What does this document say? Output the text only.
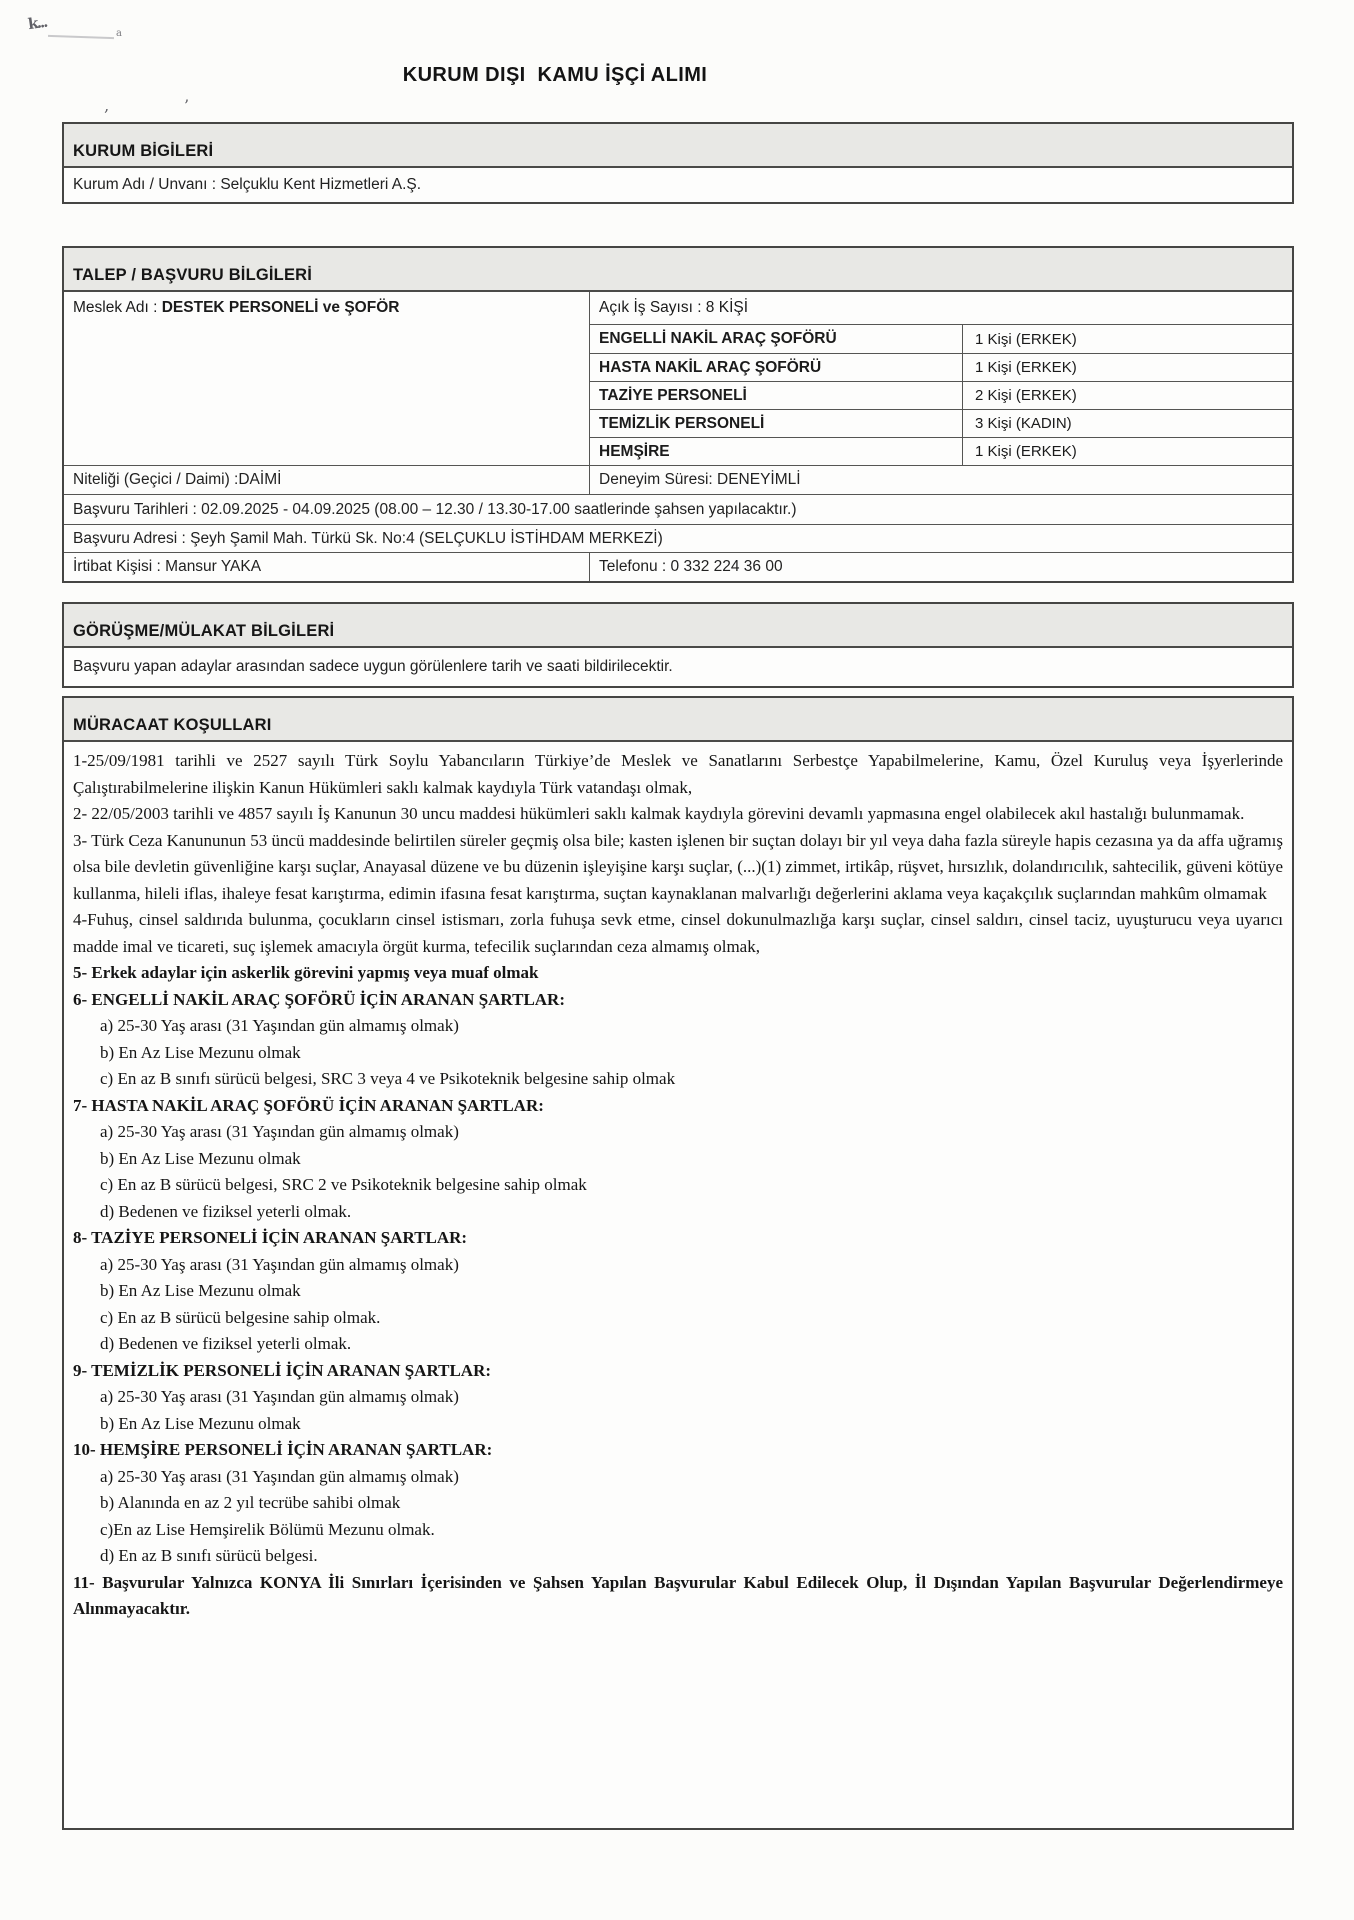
k...
a
‚	’
KURUM DIŞI  KAMU İŞÇİ ALIMI
KURUM BİGİLERİ
Kurum Adı / Unvanı : Selçuklu Kent Hizmetleri A.Ş.
TALEP / BAŞVURU BİLGİLERİ
Meslek Adı : DESTEK PERSONELİ ve ŞOFÖR	Açık İş Sayısı : 8 KİŞİ
ENGELLİ NAKİL ARAÇ ŞOFÖRÜ	1 Kişi (ERKEK)
HASTA NAKİL ARAÇ ŞOFÖRÜ	1 Kişi (ERKEK)
TAZİYE PERSONELİ	2 Kişi (ERKEK)
TEMİZLİK PERSONELİ	3 Kişi (KADIN)
HEMŞİRE	1 Kişi (ERKEK)
Niteliği (Geçici / Daimi) :DAİMİ	Deneyim Süresi: DENEYİMLİ
Başvuru Tarihleri : 02.09.2025 - 04.09.2025 (08.00 – 12.30 / 13.30-17.00 saatlerinde şahsen yapılacaktır.)
Başvuru Adresi : Şeyh Şamil Mah. Türkü Sk. No:4 (SELÇUKLU İSTİHDAM MERKEZİ)
İrtibat Kişisi : Mansur YAKA	Telefonu : 0 332 224 36 00
GÖRÜŞME/MÜLAKAT BİLGİLERİ
Başvuru yapan adaylar arasından sadece uygun görülenlere tarih ve saati bildirilecektir.
MÜRACAAT KOŞULLARI

1-25/09/1981 tarihli ve 2527 sayılı Türk Soylu Yabancıların Türkiye’de Meslek ve Sanatlarını Serbestçe Yapabilmelerine, Kamu, Özel Kuruluş veya İşyerlerinde Çalıştırabilmelerine ilişkin Kanun Hükümleri saklı kalmak kaydıyla Türk vatandaşı olmak,

2- 22/05/2003 tarihli ve 4857 sayılı İş Kanunun 30 uncu maddesi hükümleri saklı kalmak kaydıyla görevini devamlı yapmasına engel olabilecek akıl hastalığı bulunmamak.

3- Türk Ceza Kanununun 53 üncü maddesinde belirtilen süreler geçmiş olsa bile; kasten işlenen bir suçtan dolayı bir yıl veya daha fazla süreyle hapis cezasına ya da affa uğramış olsa bile devletin güvenliğine karşı suçlar, Anayasal düzene ve bu düzenin işleyişine karşı suçlar, (...)(1) zimmet, irtikâp, rüşvet, hırsızlık, dolandırıcılık, sahtecilik, güveni kötüye kullanma, hileli iflas, ihaleye fesat karıştırma, edimin ifasına fesat karıştırma, suçtan kaynaklanan malvarlığı değerlerini aklama veya kaçakçılık suçlarından mahkûm olmamak

4-Fuhuş, cinsel saldırıda bulunma, çocukların cinsel istismarı, zorla fuhuşa sevk etme, cinsel dokunulmazlığa karşı suçlar, cinsel saldırı, cinsel taciz, uyuşturucu veya uyarıcı madde imal ve ticareti, suç işlemek amacıyla örgüt kurma, tefecilik suçlarından ceza almamış olmak,

5- Erkek adaylar için askerlik görevini yapmış veya muaf olmak

6- ENGELLİ NAKİL ARAÇ ŞOFÖRÜ İÇİN ARANAN ŞARTLAR:

a) 25-30 Yaş arası (31 Yaşından gün almamış olmak)

b) En Az Lise Mezunu olmak

c) En az B sınıfı sürücü belgesi, SRC 3 veya 4 ve Psikoteknik belgesine sahip olmak

7- HASTA NAKİL ARAÇ ŞOFÖRÜ İÇİN ARANAN ŞARTLAR:

a) 25-30 Yaş arası (31 Yaşından gün almamış olmak)

b) En Az Lise Mezunu olmak

c) En az B sürücü belgesi, SRC 2 ve Psikoteknik belgesine sahip olmak

d) Bedenen ve fiziksel yeterli olmak.

8- TAZİYE PERSONELİ İÇİN ARANAN ŞARTLAR:

a) 25-30 Yaş arası (31 Yaşından gün almamış olmak)

b) En Az Lise Mezunu olmak

c) En az B sürücü belgesine sahip olmak.

d) Bedenen ve fiziksel yeterli olmak.

9- TEMİZLİK PERSONELİ İÇİN ARANAN ŞARTLAR:

a) 25-30 Yaş arası (31 Yaşından gün almamış olmak)

b) En Az Lise Mezunu olmak

10- HEMŞİRE PERSONELİ İÇİN ARANAN ŞARTLAR:

a) 25-30 Yaş arası (31 Yaşından gün almamış olmak)

b) Alanında en az 2 yıl tecrübe sahibi olmak

c)En az Lise Hemşirelik Bölümü Mezunu olmak.

d) En az B sınıfı sürücü belgesi.

11- Başvurular Yalnızca KONYA İli Sınırları İçerisinden ve Şahsen Yapılan Başvurular Kabul Edilecek Olup, İl Dışından Yapılan Başvurular Değerlendirmeye Alınmayacaktır.
